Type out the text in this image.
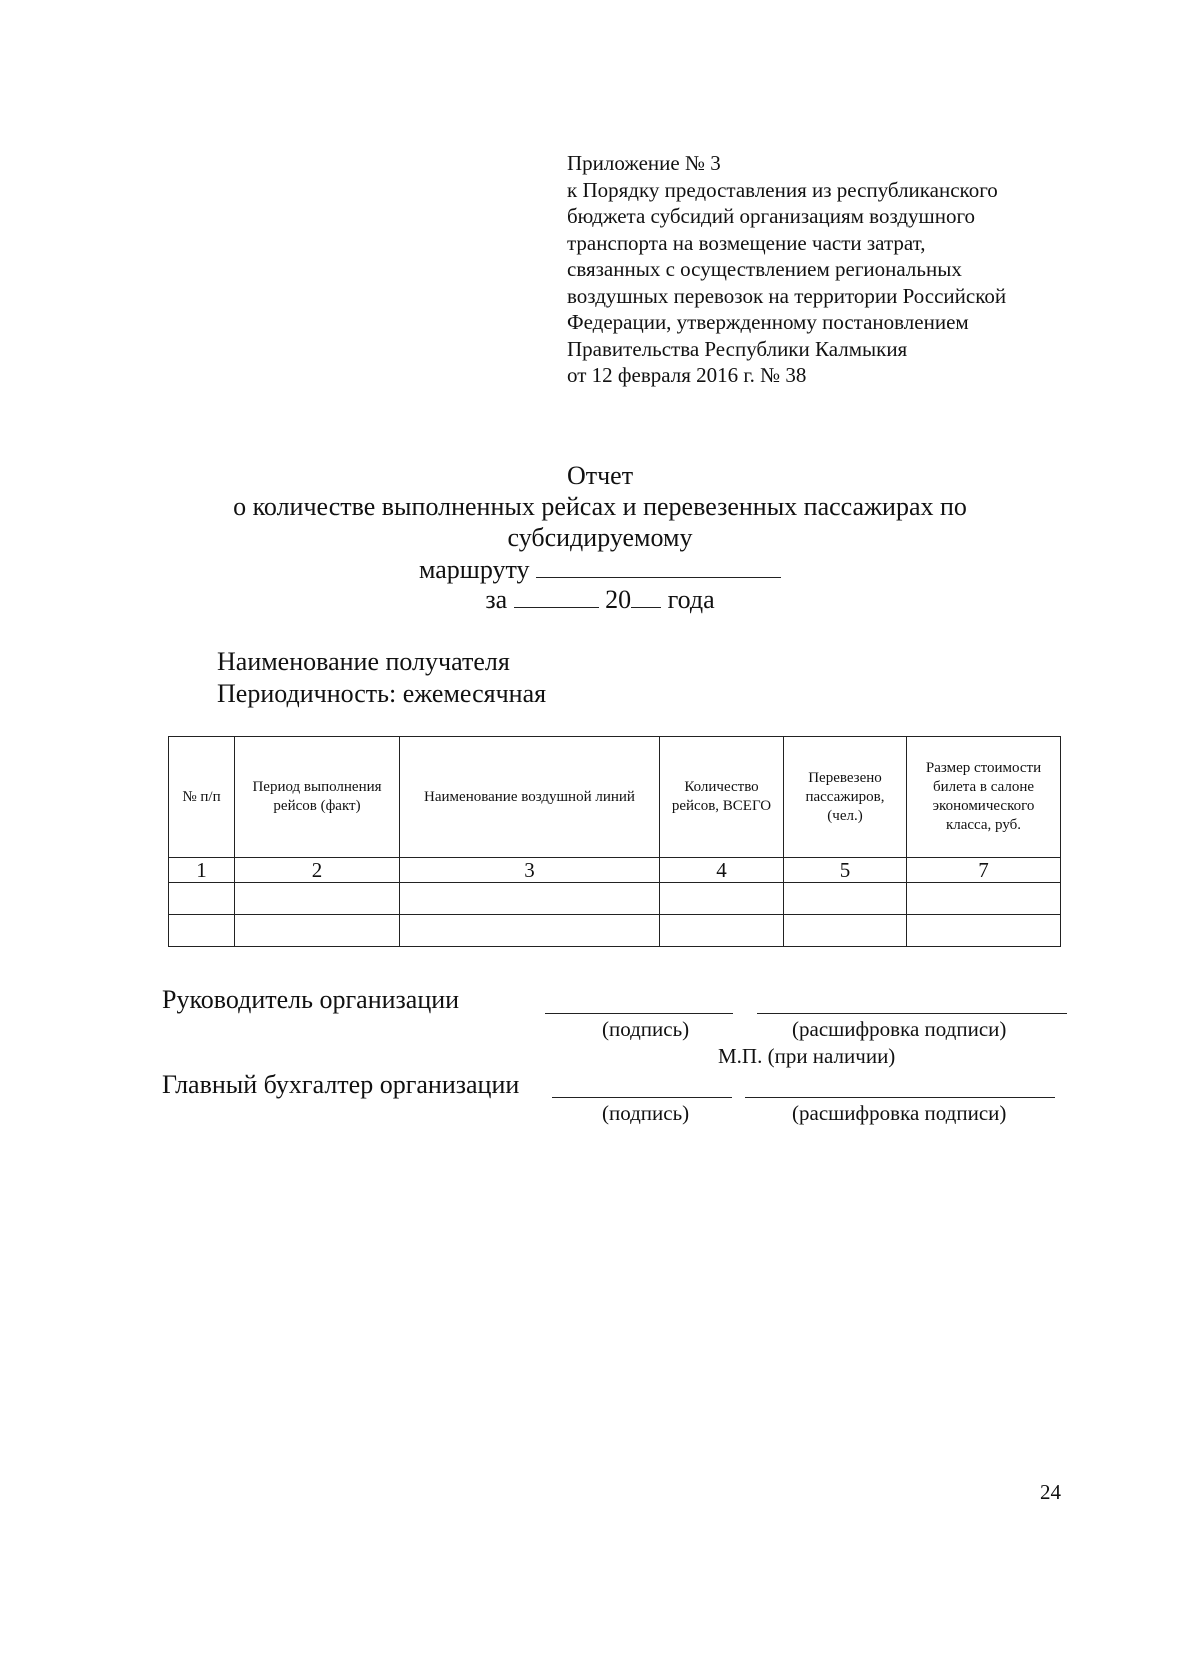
Приложение № 3
к Порядку предоставления из республиканского
бюджета субсидий организациям воздушного
транспорта на возмещение части затрат,
связанных с осуществлением региональных
воздушных перевозок на территории Российской
Федерации, утвержденному постановлением
Правительства Республики Калмыкия
от 12 февраля 2016 г. № 38
Отчет
о количестве выполненных рейсах и перевезенных пассажирах по
субсидируемому
маршруту
за	20 года
Наименование получателя
Периодичность: ежемесячная
№ п/п	Период выполнения рейсов (факт)	Наименование воздушной линий	Количество рейсов, ВСЕГО	Перевезено пассажиров, (чел.)	Размер стоимости билета в салоне экономического класса, руб.
1	2	3	4	5	7

Руководитель организации
(подпись)	(расшифровка подписи)
М.П. (при наличии)
Главный бухгалтер организации
(подпись)	(расшифровка подписи)
24
